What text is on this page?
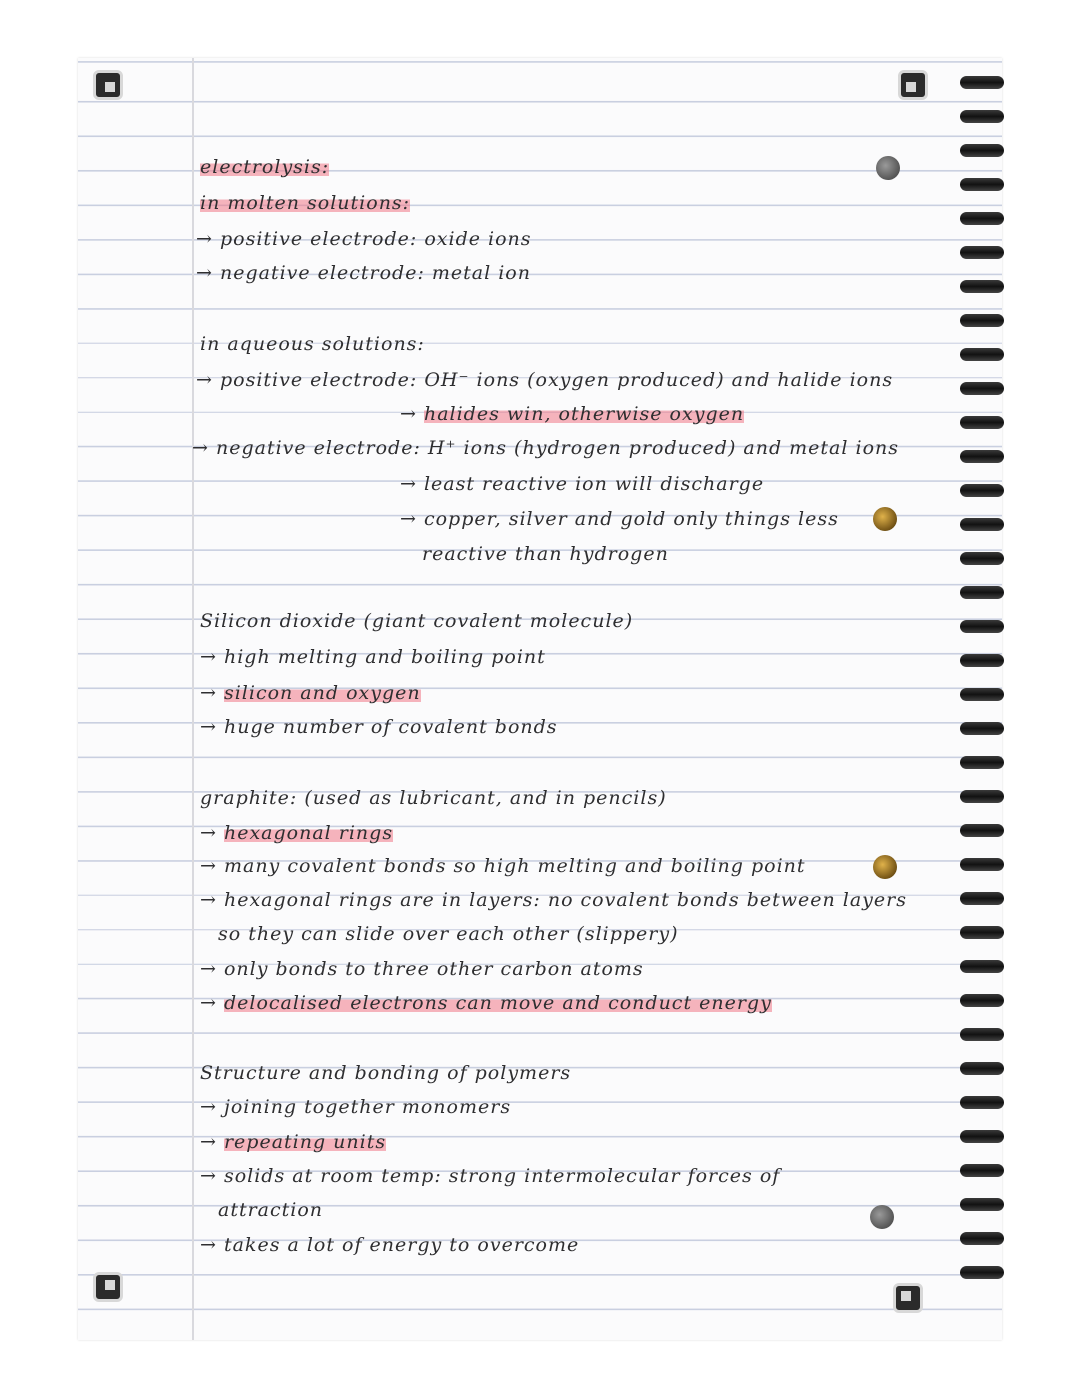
electrolysis:
in molten solutions:
→ positive electrode: oxide ions
→ negative electrode: metal ion
in aqueous solutions:
→ positive electrode: OH⁻ ions (oxygen produced) and halide ions
→ halides win, otherwise oxygen
→ negative electrode: H⁺ ions (hydrogen produced) and metal ions
→ least reactive ion will discharge
→ copper, silver and gold only things less
reactive than hydrogen
Silicon dioxide (giant covalent molecule)
→ high melting and boiling point
→ silicon and oxygen
→ huge number of covalent bonds
graphite: (used as lubricant, and in pencils)
→ hexagonal rings
→ many covalent bonds so high melting and boiling point
→ hexagonal rings are in layers: no covalent bonds between layers
so they can slide over each other (slippery)
→ only bonds to three other carbon atoms
→ delocalised electrons can move and conduct energy
Structure and bonding of polymers
→ joining together monomers
→ repeating units
→ solids at room temp: strong intermolecular forces of
attraction
→ takes a lot of energy to overcome
